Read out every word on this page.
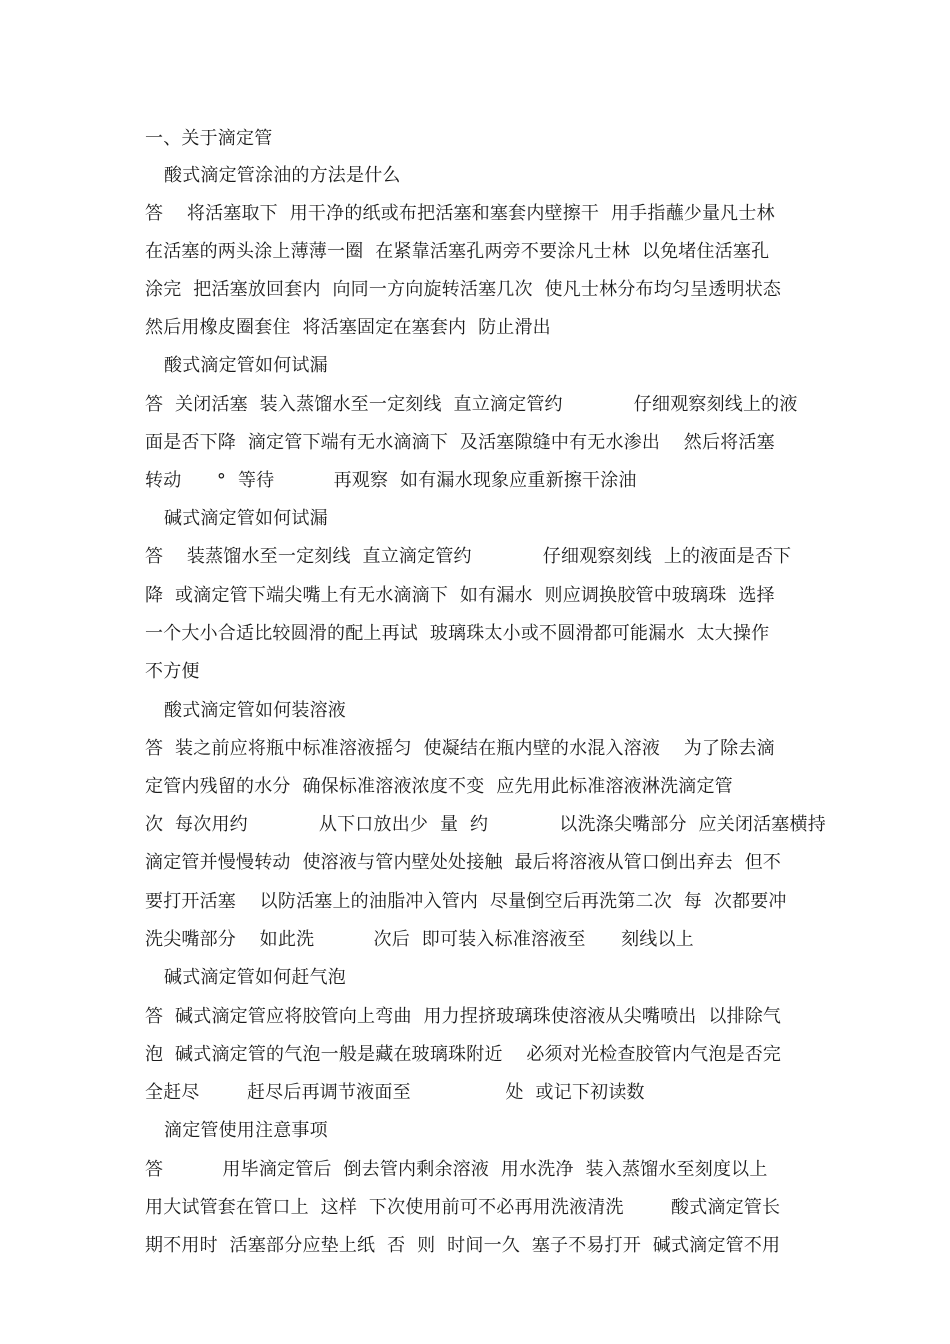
一、关于滴定管
酸式滴定管涂油的方法是什么
答    将活塞取下  用干净的纸或布把活塞和塞套内壁擦干  用手指蘸少量凡士林
在活塞的两头涂上薄薄一圈  在紧靠活塞孔两旁不要涂凡士林  以免堵住活塞孔
涂完  把活塞放回套内  向同一方向旋转活塞几次  使凡士林分布均匀呈透明状态
然后用橡皮圈套住  将活塞固定在塞套内  防止滑出
酸式滴定管如何试漏
答  关闭活塞  装入蒸馏水至一定刻线  直立滴定管约            仔细观察刻线上的液
面是否下降  滴定管下端有无水滴滴下  及活塞隙缝中有无水渗出    然后将活塞
转动      °  等待          再观察  如有漏水现象应重新擦干涂油
碱式滴定管如何试漏
答    装蒸馏水至一定刻线  直立滴定管约            仔细观察刻线  上的液面是否下
降  或滴定管下端尖嘴上有无水滴滴下  如有漏水  则应调换胶管中玻璃珠  选择
一个大小合适比较圆滑的配上再试  玻璃珠太小或不圆滑都可能漏水  太大操作
不方便
酸式滴定管如何装溶液
答  装之前应将瓶中标准溶液摇匀  使凝结在瓶内壁的水混入溶液    为了除去滴
定管内残留的水分  确保标准溶液浓度不变  应先用此标准溶液淋洗滴定管
次  每次用约            从下口放出少  量  约            以洗涤尖嘴部分  应关闭活塞横持
滴定管并慢慢转动  使溶液与管内壁处处接触  最后将溶液从管口倒出弃去  但不
要打开活塞    以防活塞上的油脂冲入管内  尽量倒空后再洗第二次  每  次都要冲
洗尖嘴部分    如此洗          次后  即可装入标准溶液至      刻线以上
碱式滴定管如何赶气泡
答  碱式滴定管应将胶管向上弯曲  用力捏挤玻璃珠使溶液从尖嘴喷出  以排除气
泡  碱式滴定管的气泡一般是藏在玻璃珠附近    必须对光检查胶管内气泡是否完
全赶尽        赶尽后再调节液面至                处  或记下初读数
滴定管使用注意事项
答          用毕滴定管后  倒去管内剩余溶液  用水洗净  装入蒸馏水至刻度以上
用大试管套在管口上  这样  下次使用前可不必再用洗液清洗        酸式滴定管长
期不用时  活塞部分应垫上纸  否  则  时间一久  塞子不易打开  碱式滴定管不用
